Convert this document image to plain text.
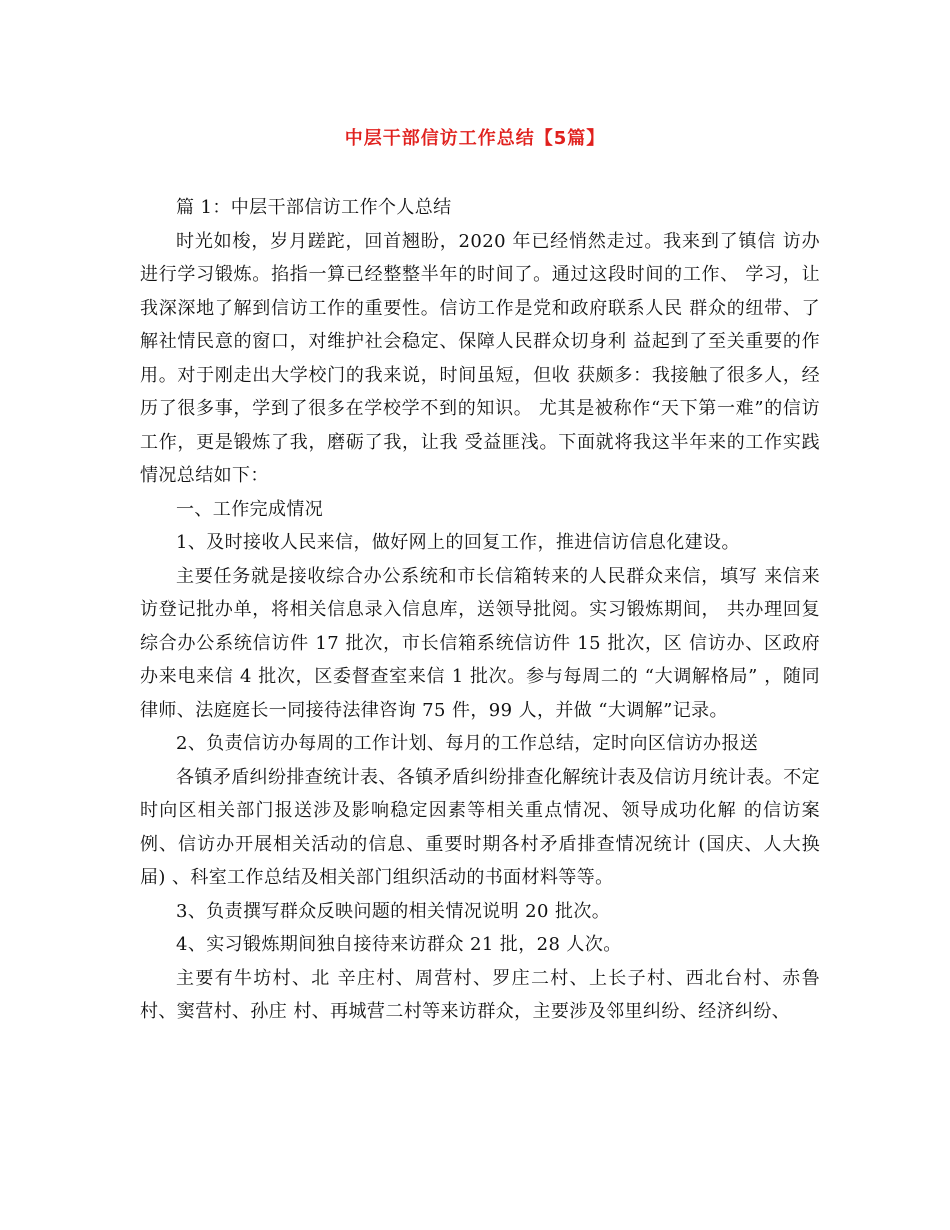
中层干部信访工作总结【5篇】

篇 1：中层干部信访工作个人总结

时光如梭，岁月蹉跎，回首翘盼，2020 年已经悄然走过。我来到了镇信 访办进行学习锻炼。掐指一算已经整整半年的时间了。通过这段时间的工作、 学习，让我深深地了解到信访工作的重要性。信访工作是党和政府联系人民 群众的纽带、了解社情民意的窗口，对维护社会稳定、保障人民群众切身利 益起到了至关重要的作用。对于刚走出大学校门的我来说，时间虽短，但收 获颇多：我接触了很多人，经历了很多事，学到了很多在学校学不到的知识。 尤其是被称作“天下第一难”的信访工作，更是锻炼了我，磨砺了我，让我 受益匪浅。下面就将我这半年来的工作实践情况总结如下：

一、工作完成情况

1、及时接收人民来信，做好网上的回复工作，推进信访信息化建设。

主要任务就是接收综合办公系统和市长信箱转来的人民群众来信，填写 来信来访登记批办单，将相关信息录入信息库，送领导批阅。实习锻炼期间， 共办理回复综合办公系统信访件 17 批次，市长信箱系统信访件 15 批次，区 信访办、区政府办来电来信 4 批次，区委督查室来信 1 批次。参与每周二的 “大调解格局” ，随同律师、法庭庭长一同接待法律咨询 75 件，99 人，并做 “大调解”记录。

2、负责信访办每周的工作计划、每月的工作总结，定时向区信访办报送

各镇矛盾纠纷排查统计表、各镇矛盾纠纷排查化解统计表及信访月统计表。不定时向区相关部门报送涉及影响稳定因素等相关重点情况、领导成功化解 的信访案例、信访办开展相关活动的信息、重要时期各村矛盾排查情况统计 (国庆、人大换届) 、科室工作总结及相关部门组织活动的书面材料等等。

3、负责撰写群众反映问题的相关情况说明 20 批次。

4、实习锻炼期间独自接待来访群众 21 批，28 人次。

主要有牛坊村、北 辛庄村、周营村、罗庄二村、上长子村、西北台村、赤鲁村、窦营村、孙庄 村、再城营二村等来访群众，主要涉及邻里纠纷、经济纠纷、
